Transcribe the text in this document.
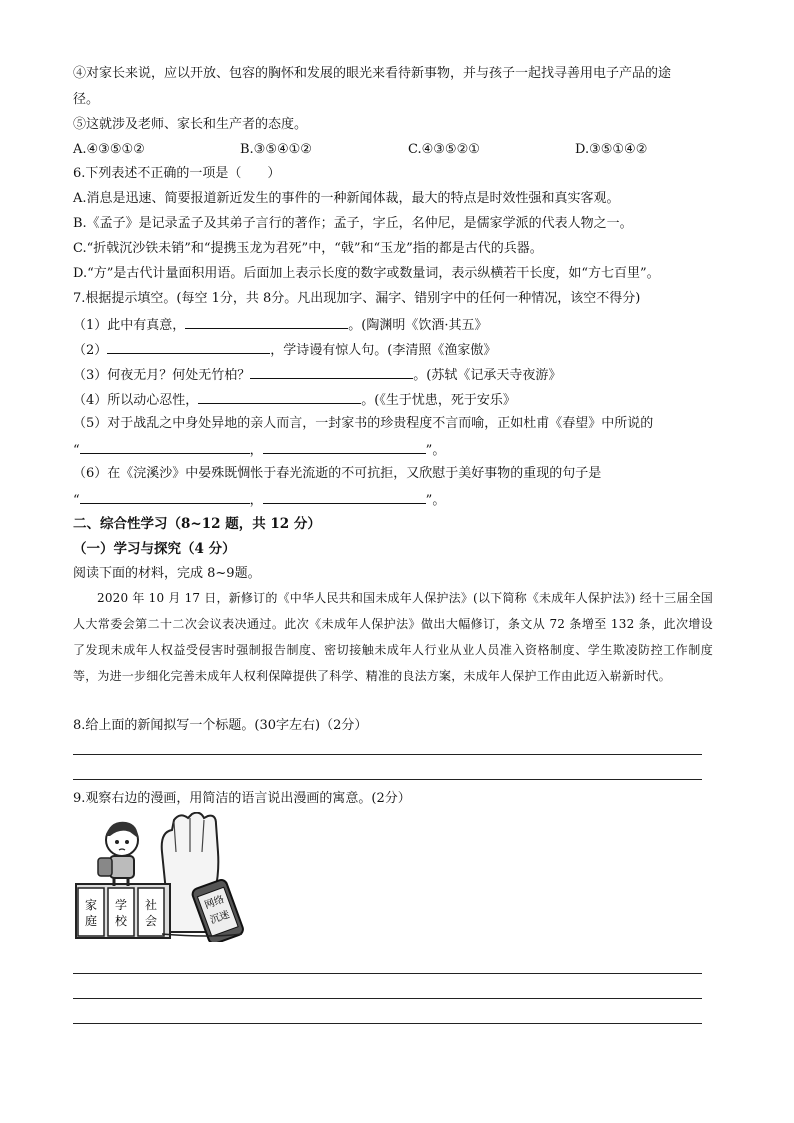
④对家长来说，应以开放、包容的胸怀和发展的眼光来看待新事物，并与孩子一起找寻善用电子产品的途
径。
⑤这就涉及老师、家长和生产者的态度。
A.④③⑤①②	B.③⑤④①②	C.④③⑤②①	D.③⑤①④②
6.下列表述不正确的一项是（　　）
A.消息是迅速、简要报道新近发生的事件的一种新闻体裁，最大的特点是时效性强和真实客观。
B.《孟子》是记录孟子及其弟子言行的著作；孟子，字丘，名仲尼，是儒家学派的代表人物之一。
C.“折戟沉沙铁未销”和“提携玉龙为君死”中，“戟”和“玉龙”指的都是古代的兵器。
D.“方”是古代计量面积用语。后面加上表示长度的数字或数量词，表示纵横若干长度，如“方七百里”。
7.根据提示填空。(每空 1分，共 8分。凡出现加字、漏字、错别字中的任何一种情况，该空不得分)
（1）此中有真意，	。(陶渊明《饮酒·其五》
（2）	，学诗谩有惊人句。(李清照《渔家傲》
（3）何夜无月？何处无竹柏？	。(苏轼《记承天寺夜游》
（4）所以动心忍性，	。(《生于忧患，死于安乐》
（5）对于战乱之中身处异地的亲人而言，一封家书的珍贵程度不言而喻，正如杜甫《春望》中所说的
“	，	”。
（6）在《浣溪沙》中晏殊既惆怅于春光流逝的不可抗拒，又欣慰于美好事物的重现的句子是
“	，	”。
二、综合性学习（8~12 题，共 12 分）
（一）学习与探究（4 分）
阅读下面的材料，完成 8~9题。

2020 年 10 月 17 日，新修订的《中华人民共和国未成年人保护法》(以下简称《未成年人保护法》) 经十三届全国人大常委会第二十二次会议表决通过。此次《未成年人保护法》做出大幅修订，条文从 72 条增至 132 条，此次增设了发现未成年人权益受侵害时强制报告制度、密切接触未成年人行业从业人员准入资格制度、学生欺凌防控工作制度等，为进一步细化完善未成年人权利保障提供了科学、精准的良法方案，未成年人保护工作由此迈入崭新时代。

8.给上面的新闻拟写一个标题。(30字左右)（2分）
9.观察右边的漫画，用简洁的语言说出漫画的寓意。(2分）
家
庭
学
校
社
会
网络
沉迷
